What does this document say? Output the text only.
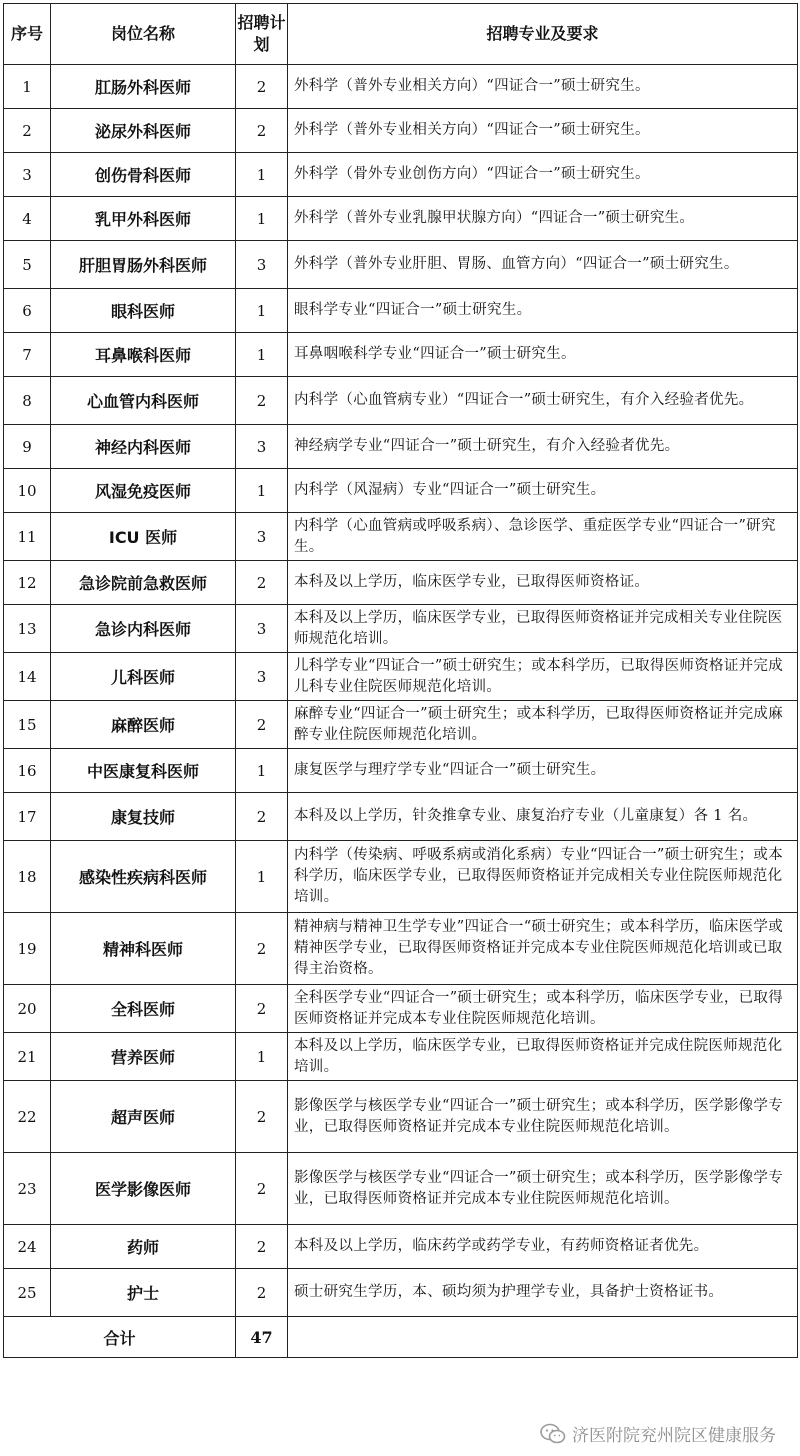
序号	岗位名称	招聘计划	招聘专业及要求
1	肛肠外科医师	2	外科学（普外专业相关方向）“四证合一”硕士研究生。
2	泌尿外科医师	2	外科学（普外专业相关方向）“四证合一”硕士研究生。
3	创伤骨科医师	1	外科学（骨外专业创伤方向）“四证合一”硕士研究生。
4	乳甲外科医师	1	外科学（普外专业乳腺甲状腺方向）“四证合一”硕士研究生。
5	肝胆胃肠外科医师	3	外科学（普外专业肝胆、胃肠、血管方向）“四证合一”硕士研究生。
6	眼科医师	1	眼科学专业“四证合一”硕士研究生。
7	耳鼻喉科医师	1	耳鼻咽喉科学专业“四证合一”硕士研究生。
8	心血管内科医师	2	内科学（心血管病专业）“四证合一”硕士研究生，有介入经验者优先。
9	神经内科医师	3	神经病学专业“四证合一”硕士研究生，有介入经验者优先。
10	风湿免疫医师	1	内科学（风湿病）专业“四证合一”硕士研究生。
11	ICU 医师	3	内科学（心血管病或呼吸系病）、急诊医学、重症医学专业“四证合一”研究生。
12	急诊院前急救医师	2	本科及以上学历，临床医学专业，已取得医师资格证。
13	急诊内科医师	3	本科及以上学历，临床医学专业，已取得医师资格证并完成相关专业住院医师规范化培训。
14	儿科医师	3	儿科学专业“四证合一”硕士研究生；或本科学历，已取得医师资格证并完成儿科专业住院医师规范化培训。
15	麻醉医师	2	麻醉专业“四证合一”硕士研究生；或本科学历，已取得医师资格证并完成麻醉专业住院医师规范化培训。
16	中医康复科医师	1	康复医学与理疗学专业“四证合一”硕士研究生。
17	康复技师	2	本科及以上学历，针灸推拿专业、康复治疗专业（儿童康复）各 1 名。
18	感染性疾病科医师	1	内科学（传染病、呼吸系病或消化系病）专业“四证合一”硕士研究生；或本科学历，临床医学专业，已取得医师资格证并完成相关专业住院医师规范化培训。
19	精神科医师	2	精神病与精神卫生学专业”四证合一“硕士研究生；或本科学历，临床医学或精神医学专业，已取得医师资格证并完成本专业住院医师规范化培训或已取得主治资格。
20	全科医师	2	全科医学专业“四证合一”硕士研究生；或本科学历，临床医学专业，已取得医师资格证并完成本专业住院医师规范化培训。
21	营养医师	1	本科及以上学历，临床医学专业，已取得医师资格证并完成住院医师规范化培训。
22	超声医师	2	影像医学与核医学专业“四证合一”硕士研究生；或本科学历，医学影像学专业，已取得医师资格证并完成本专业住院医师规范化培训。
23	医学影像医师	2	影像医学与核医学专业“四证合一”硕士研究生；或本科学历，医学影像学专业，已取得医师资格证并完成本专业住院医师规范化培训。
24	药师	2	本科及以上学历，临床药学或药学专业，有药师资格证者优先。
25	护士	2	硕士研究生学历，本、硕均须为护理学专业，具备护士资格证书。
合计		47	
济医附院兖州院区健康服务
